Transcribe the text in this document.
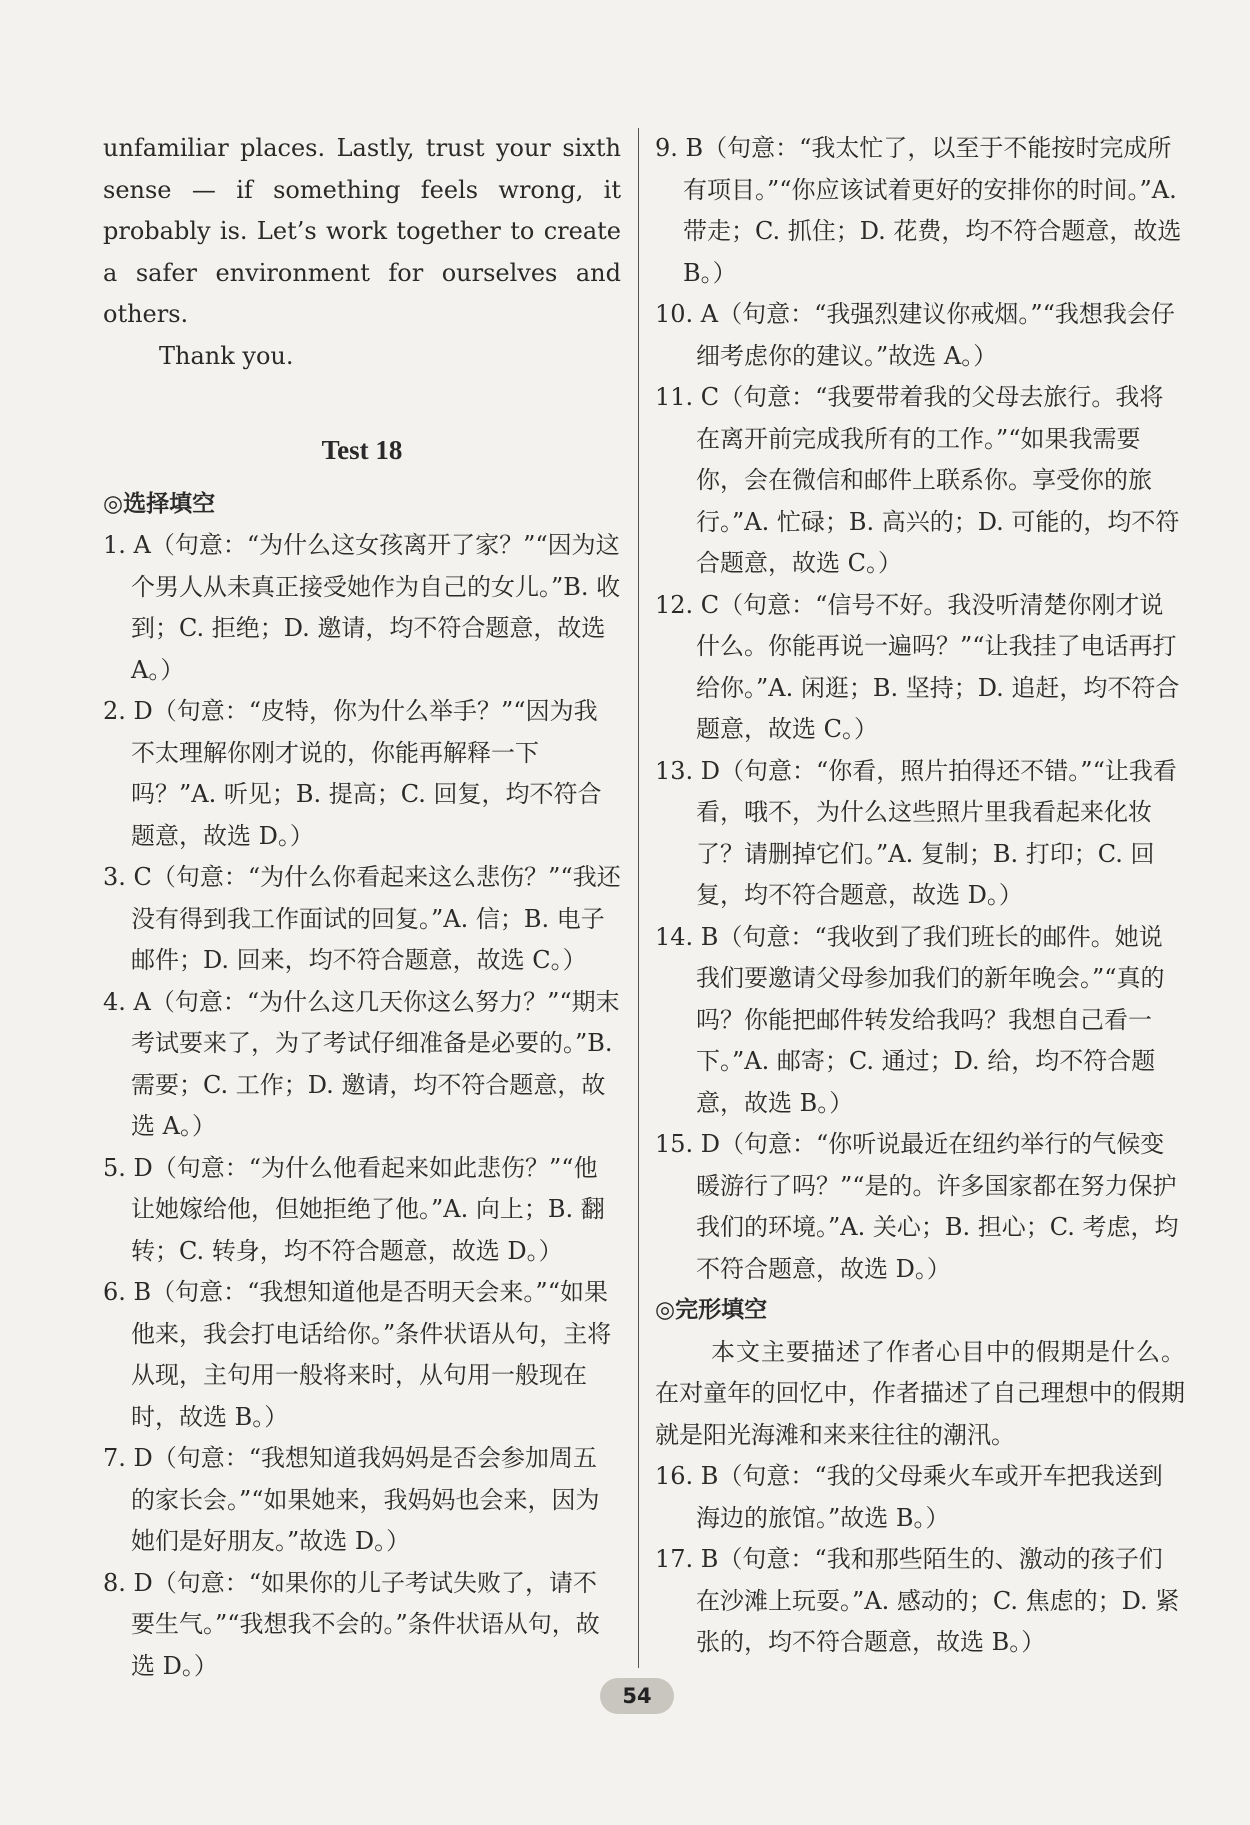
unfamiliar places. Lastly, trust your sixth sense — if something feels wrong, it probably is. Let’s work together to create a safer environment for ourselves and others.

Thank you.

Test 18

◎选择填空

1. A（句意：“为什么这女孩离开了家？”“因为这个男人从未真正接受她作为自己的女儿。”B. 收到；C. 拒绝；D. 邀请，均不符合题意，故选 A。）

2. D（句意：“皮特，你为什么举手？”“因为我不太理解你刚才说的，你能再解释一下吗？”A. 听见；B. 提高；C. 回复，均不符合题意，故选 D。）

3. C（句意：“为什么你看起来这么悲伤？”“我还没有得到我工作面试的回复。”A. 信；B. 电子邮件；D. 回来，均不符合题意，故选 C。）

4. A（句意：“为什么这几天你这么努力？”“期末考试要来了，为了考试仔细准备是必要的。”B. 需要；C. 工作；D. 邀请，均不符合题意，故选 A。）

5. D（句意：“为什么他看起来如此悲伤？”“他让她嫁给他，但她拒绝了他。”A. 向上；B. 翻转；C. 转身，均不符合题意，故选 D。）

6. B（句意：“我想知道他是否明天会来。”“如果他来，我会打电话给你。”条件状语从句，主将从现，主句用一般将来时，从句用一般现在时，故选 B。）

7. D（句意：“我想知道我妈妈是否会参加周五的家长会。”“如果她来，我妈妈也会来，因为她们是好朋友。”故选 D。）

8. D（句意：“如果你的儿子考试失败了，请不要生气。”“我想我不会的。”条件状语从句，故选 D。）

9. B（句意：“我太忙了，以至于不能按时完成所有项目。”“你应该试着更好的安排你的时间。”A. 带走；C. 抓住；D. 花费，均不符合题意，故选 B。）

10. A（句意：“我强烈建议你戒烟。”“我想我会仔细考虑你的建议。”故选 A。）

11. C（句意：“我要带着我的父母去旅行。我将在离开前完成我所有的工作。”“如果我需要你，会在微信和邮件上联系你。享受你的旅行。”A. 忙碌；B. 高兴的；D. 可能的，均不符合题意，故选 C。）

12. C（句意：“信号不好。我没听清楚你刚才说什么。你能再说一遍吗？”“让我挂了电话再打给你。”A. 闲逛；B. 坚持；D. 追赶，均不符合题意，故选 C。）

13. D（句意：“你看，照片拍得还不错。”“让我看看，哦不，为什么这些照片里我看起来化妆了？请删掉它们。”A. 复制；B. 打印；C. 回复，均不符合题意，故选 D。）

14. B（句意：“我收到了我们班长的邮件。她说我们要邀请父母参加我们的新年晚会。”“真的吗？你能把邮件转发给我吗？我想自己看一下。”A. 邮寄；C. 通过；D. 给，均不符合题意，故选 B。）

15. D（句意：“你听说最近在纽约举行的气候变暖游行了吗？”“是的。许多国家都在努力保护我们的环境。”A. 关心；B. 担心；C. 考虑，均不符合题意，故选 D。）

◎完形填空

本文主要描述了作者心目中的假期是什么。在对童年的回忆中，作者描述了自己理想中的假期就是阳光海滩和来来往往的潮汛。

16. B（句意：“我的父母乘火车或开车把我送到海边的旅馆。”故选 B。）

17. B（句意：“我和那些陌生的、激动的孩子们在沙滩上玩耍。”A. 感动的；C. 焦虑的；D. 紧张的，均不符合题意，故选 B。）

54
